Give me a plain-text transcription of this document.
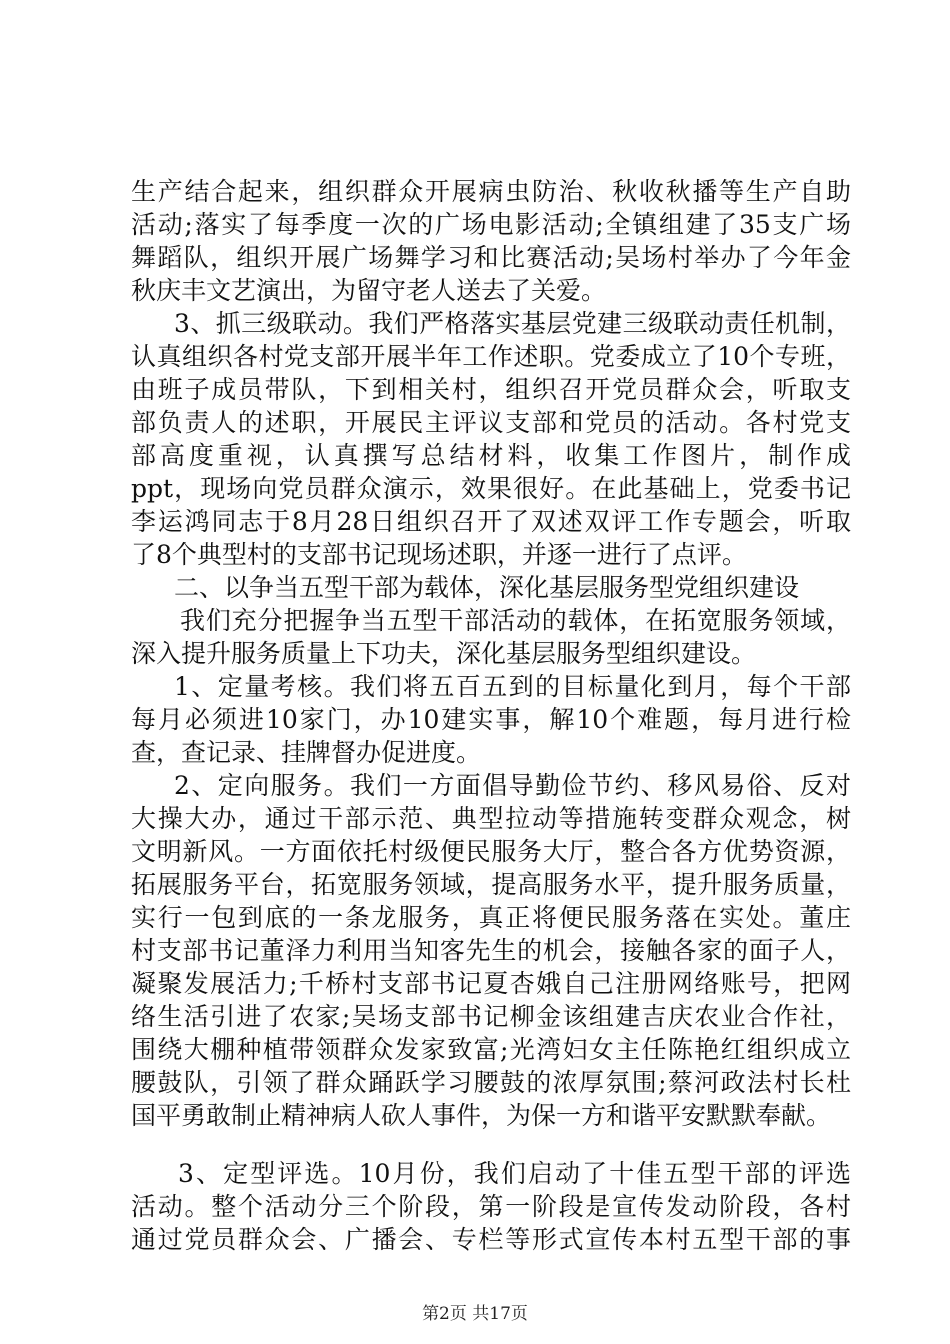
生产结合起来，组织群众开展病虫防治、秋收秋播等生产自助
活动;落实了每季度一次的广场电影活动;全镇组建了35支广场
舞蹈队，组织开展广场舞学习和比赛活动;吴场村举办了今年金
秋庆丰文艺演出，为留守老人送去了关爱。
3、抓三级联动。我们严格落实基层党建三级联动责任机制，
认真组织各村党支部开展半年工作述职。党委成立了10个专班，
由班子成员带队，下到相关村，组织召开党员群众会，听取支
部负责人的述职，开展民主评议支部和党员的活动。各村党支
部高度重视，认真撰写总结材料，收集工作图片，制作成
ppt，现场向党员群众演示，效果很好。在此基础上，党委书记
李运鸿同志于8月28日组织召开了双述双评工作专题会，听取
了8个典型村的支部书记现场述职，并逐一进行了点评。
二、以争当五型干部为载体，深化基层服务型党组织建设
我们充分把握争当五型干部活动的载体，在拓宽服务领域，
深入提升服务质量上下功夫，深化基层服务型组织建设。
1、定量考核。我们将五百五到的目标量化到月，每个干部
每月必须进10家门，办10建实事，解10个难题，每月进行检
查，查记录、挂牌督办促进度。
2、定向服务。我们一方面倡导勤俭节约、移风易俗、反对
大操大办，通过干部示范、典型拉动等措施转变群众观念，树
文明新风。一方面依托村级便民服务大厅，整合各方优势资源，
拓展服务平台，拓宽服务领域，提高服务水平，提升服务质量，
实行一包到底的一条龙服务，真正将便民服务落在实处。董庄
村支部书记董泽力利用当知客先生的机会，接触各家的面子人，
凝聚发展活力;千桥村支部书记夏杏娥自己注册网络账号，把网
络生活引进了农家;吴场支部书记柳金该组建吉庆农业合作社，
围绕大棚种植带领群众发家致富;光湾妇女主任陈艳红组织成立
腰鼓队，引领了群众踊跃学习腰鼓的浓厚氛围;蔡河政法村长杜
国平勇敢制止精神病人砍人事件，为保一方和谐平安默默奉献。
3、定型评选。10月份，我们启动了十佳五型干部的评选
活动。整个活动分三个阶段，第一阶段是宣传发动阶段，各村
通过党员群众会、广播会、专栏等形式宣传本村五型干部的事
第2页 共17页
